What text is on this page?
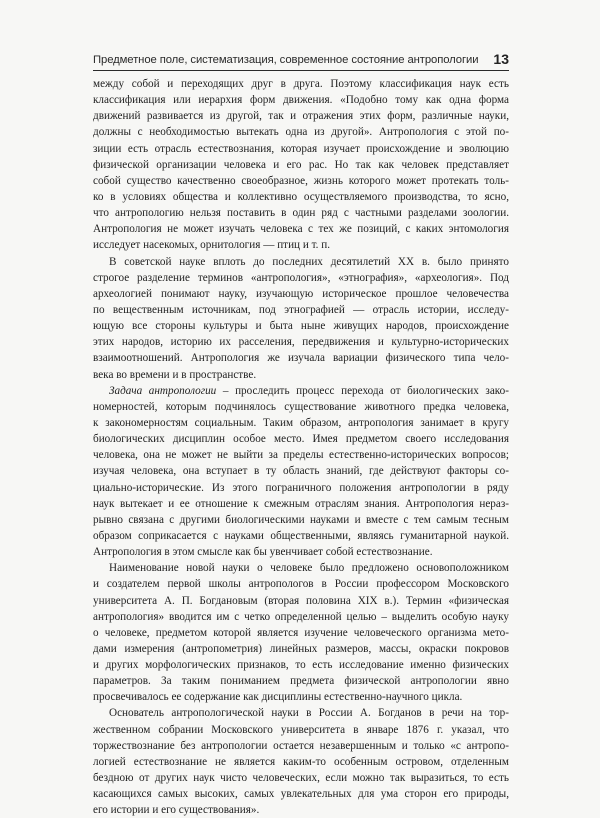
Предметное поле, систематизация, современное состояние антропологии 13
между собой и переходящих друг в друга. Поэтому классификация наук есть
классификация или иерархия форм движения. «Подобно тому как одна форма
движений развивается из другой, так и отражения этих форм, различные науки,
должны с необходимостью вытекать одна из другой». Антропология с этой по-
зиции есть отрасль естествознания, которая изучает происхождение и эволюцию
физической организации человека и его рас. Но так как человек представляет
собой существо качественно своеобразное, жизнь которого может протекать толь-
ко в условиях общества и коллективно осуществляемого производства, то ясно,
что антропологию нельзя поставить в один ряд с частными разделами зоологии.
Антропология не может изучать человека с тех же позиций, с каких энтомология
исследует насекомых, орнитология — птиц и т. п.
В советской науке вплоть до последних десятилетий XX в. было принято
строгое разделение терминов «антропология», «этнография», «археология». Под
археологией понимают науку, изучающую историческое прошлое человечества
по вещественным источникам, под этнографией — отрасль истории, исследу-
ющую все стороны культуры и быта ныне живущих народов, происхождение
этих народов, историю их расселения, передвижения и культурно-исторических
взаимоотношений. Антропология же изучала вариации физического типа чело-
века во времени и в пространстве.
Задача антропологии – проследить процесс перехода от биологических зако-
номерностей, которым подчинялось существование животного предка человека,
к закономерностям социальным. Таким образом, антропология занимает в кругу
биологических дисциплин особое место. Имея предметом своего исследования
человека, она не может не выйти за пределы естественно-исторических вопросов;
изучая человека, она вступает в ту область знаний, где действуют факторы со-
циально-исторические. Из этого пограничного положения антропологии в ряду
наук вытекает и ее отношение к смежным отраслям знания. Антропология нераз-
рывно связана с другими биологическими науками и вместе с тем самым тесным
образом соприкасается с науками общественными, являясь гуманитарной наукой.
Антропология в этом смысле как бы увенчивает собой естествознание.
Наименование новой науки о человеке было предложено основоположником
и создателем первой школы антропологов в России профессором Московского
университета А. П. Богдановым (вторая половина XIX в.). Термин «физическая
антропология» вводится им с четко определенной целью – выделить особую науку
о человеке, предметом которой является изучение человеческого организма мето-
дами измерения (антропометрия) линейных размеров, массы, окраски покровов
и других морфологических признаков, то есть исследование именно физических
параметров. За таким пониманием предмета физической антропологии явно
просвечивалось ее содержание как дисциплины естественно-научного цикла.
Основатель антропологической науки в России А. Богданов в речи на тор-
жественном собрании Московского университета в январе 1876 г. указал, что
торжествознание без антропологии остается незавершенным и только «с антропо-
логией естествознание не является каким-то особенным островом, отделенным
бездною от других наук чисто человеческих, если можно так выразиться, то есть
касающихся самых высоких, самых увлекательных для ума сторон его природы,
его истории и его существования».
